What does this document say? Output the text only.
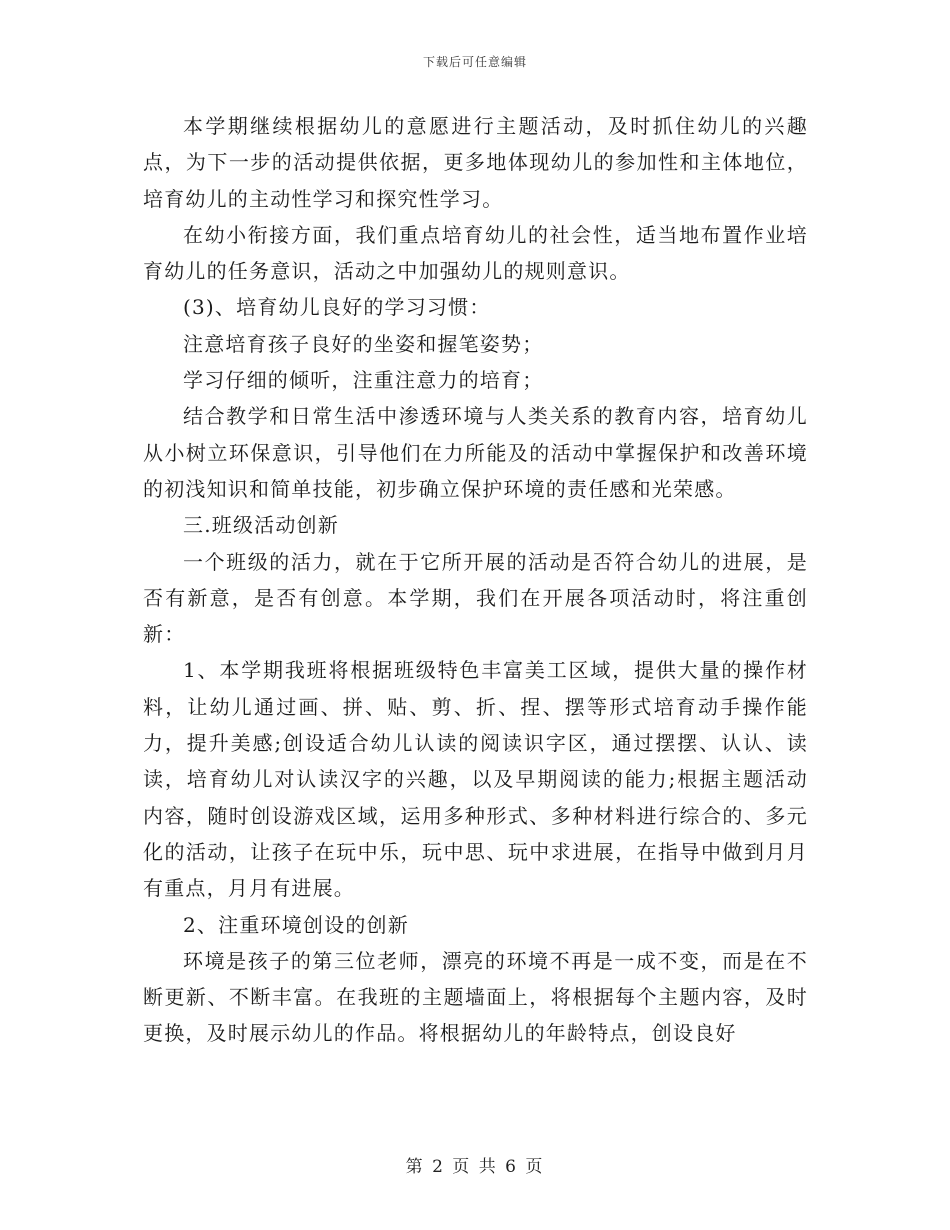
下载后可任意编辑

本学期继续根据幼儿的意愿进行主题活动，及时抓住幼儿的兴趣点，为下一步的活动提供依据，更多地体现幼儿的参加性和主体地位，培育幼儿的主动性学习和探究性学习。

在幼小衔接方面，我们重点培育幼儿的社会性，适当地布置作业培育幼儿的任务意识，活动之中加强幼儿的规则意识。

(3)、培育幼儿良好的学习习惯：

注意培育孩子良好的坐姿和握笔姿势；

学习仔细的倾听，注重注意力的培育；

结合教学和日常生活中渗透环境与人类关系的教育内容，培育幼儿从小树立环保意识，引导他们在力所能及的活动中掌握保护和改善环境的初浅知识和简单技能，初步确立保护环境的责任感和光荣感。

三.班级活动创新

一个班级的活力，就在于它所开展的活动是否符合幼儿的进展，是否有新意，是否有创意。本学期，我们在开展各项活动时，将注重创新：

1、本学期我班将根据班级特色丰富美工区域，提供大量的操作材料，让幼儿通过画、拼、贴、剪、折、捏、摆等形式培育动手操作能力，提升美感;创设适合幼儿认读的阅读识字区，通过摆摆、认认、读读，培育幼儿对认读汉字的兴趣，以及早期阅读的能力;根据主题活动内容，随时创设游戏区域，运用多种形式、多种材料进行综合的、多元化的活动，让孩子在玩中乐，玩中思、玩中求进展，在指导中做到月月有重点，月月有进展。

2、注重环境创设的创新

环境是孩子的第三位老师，漂亮的环境不再是一成不变，而是在不断更新、不断丰富。在我班的主题墙面上，将根据每个主题内容，及时更换，及时展示幼儿的作品。将根据幼儿的年龄特点，创设良好

第 2 页 共 6 页
